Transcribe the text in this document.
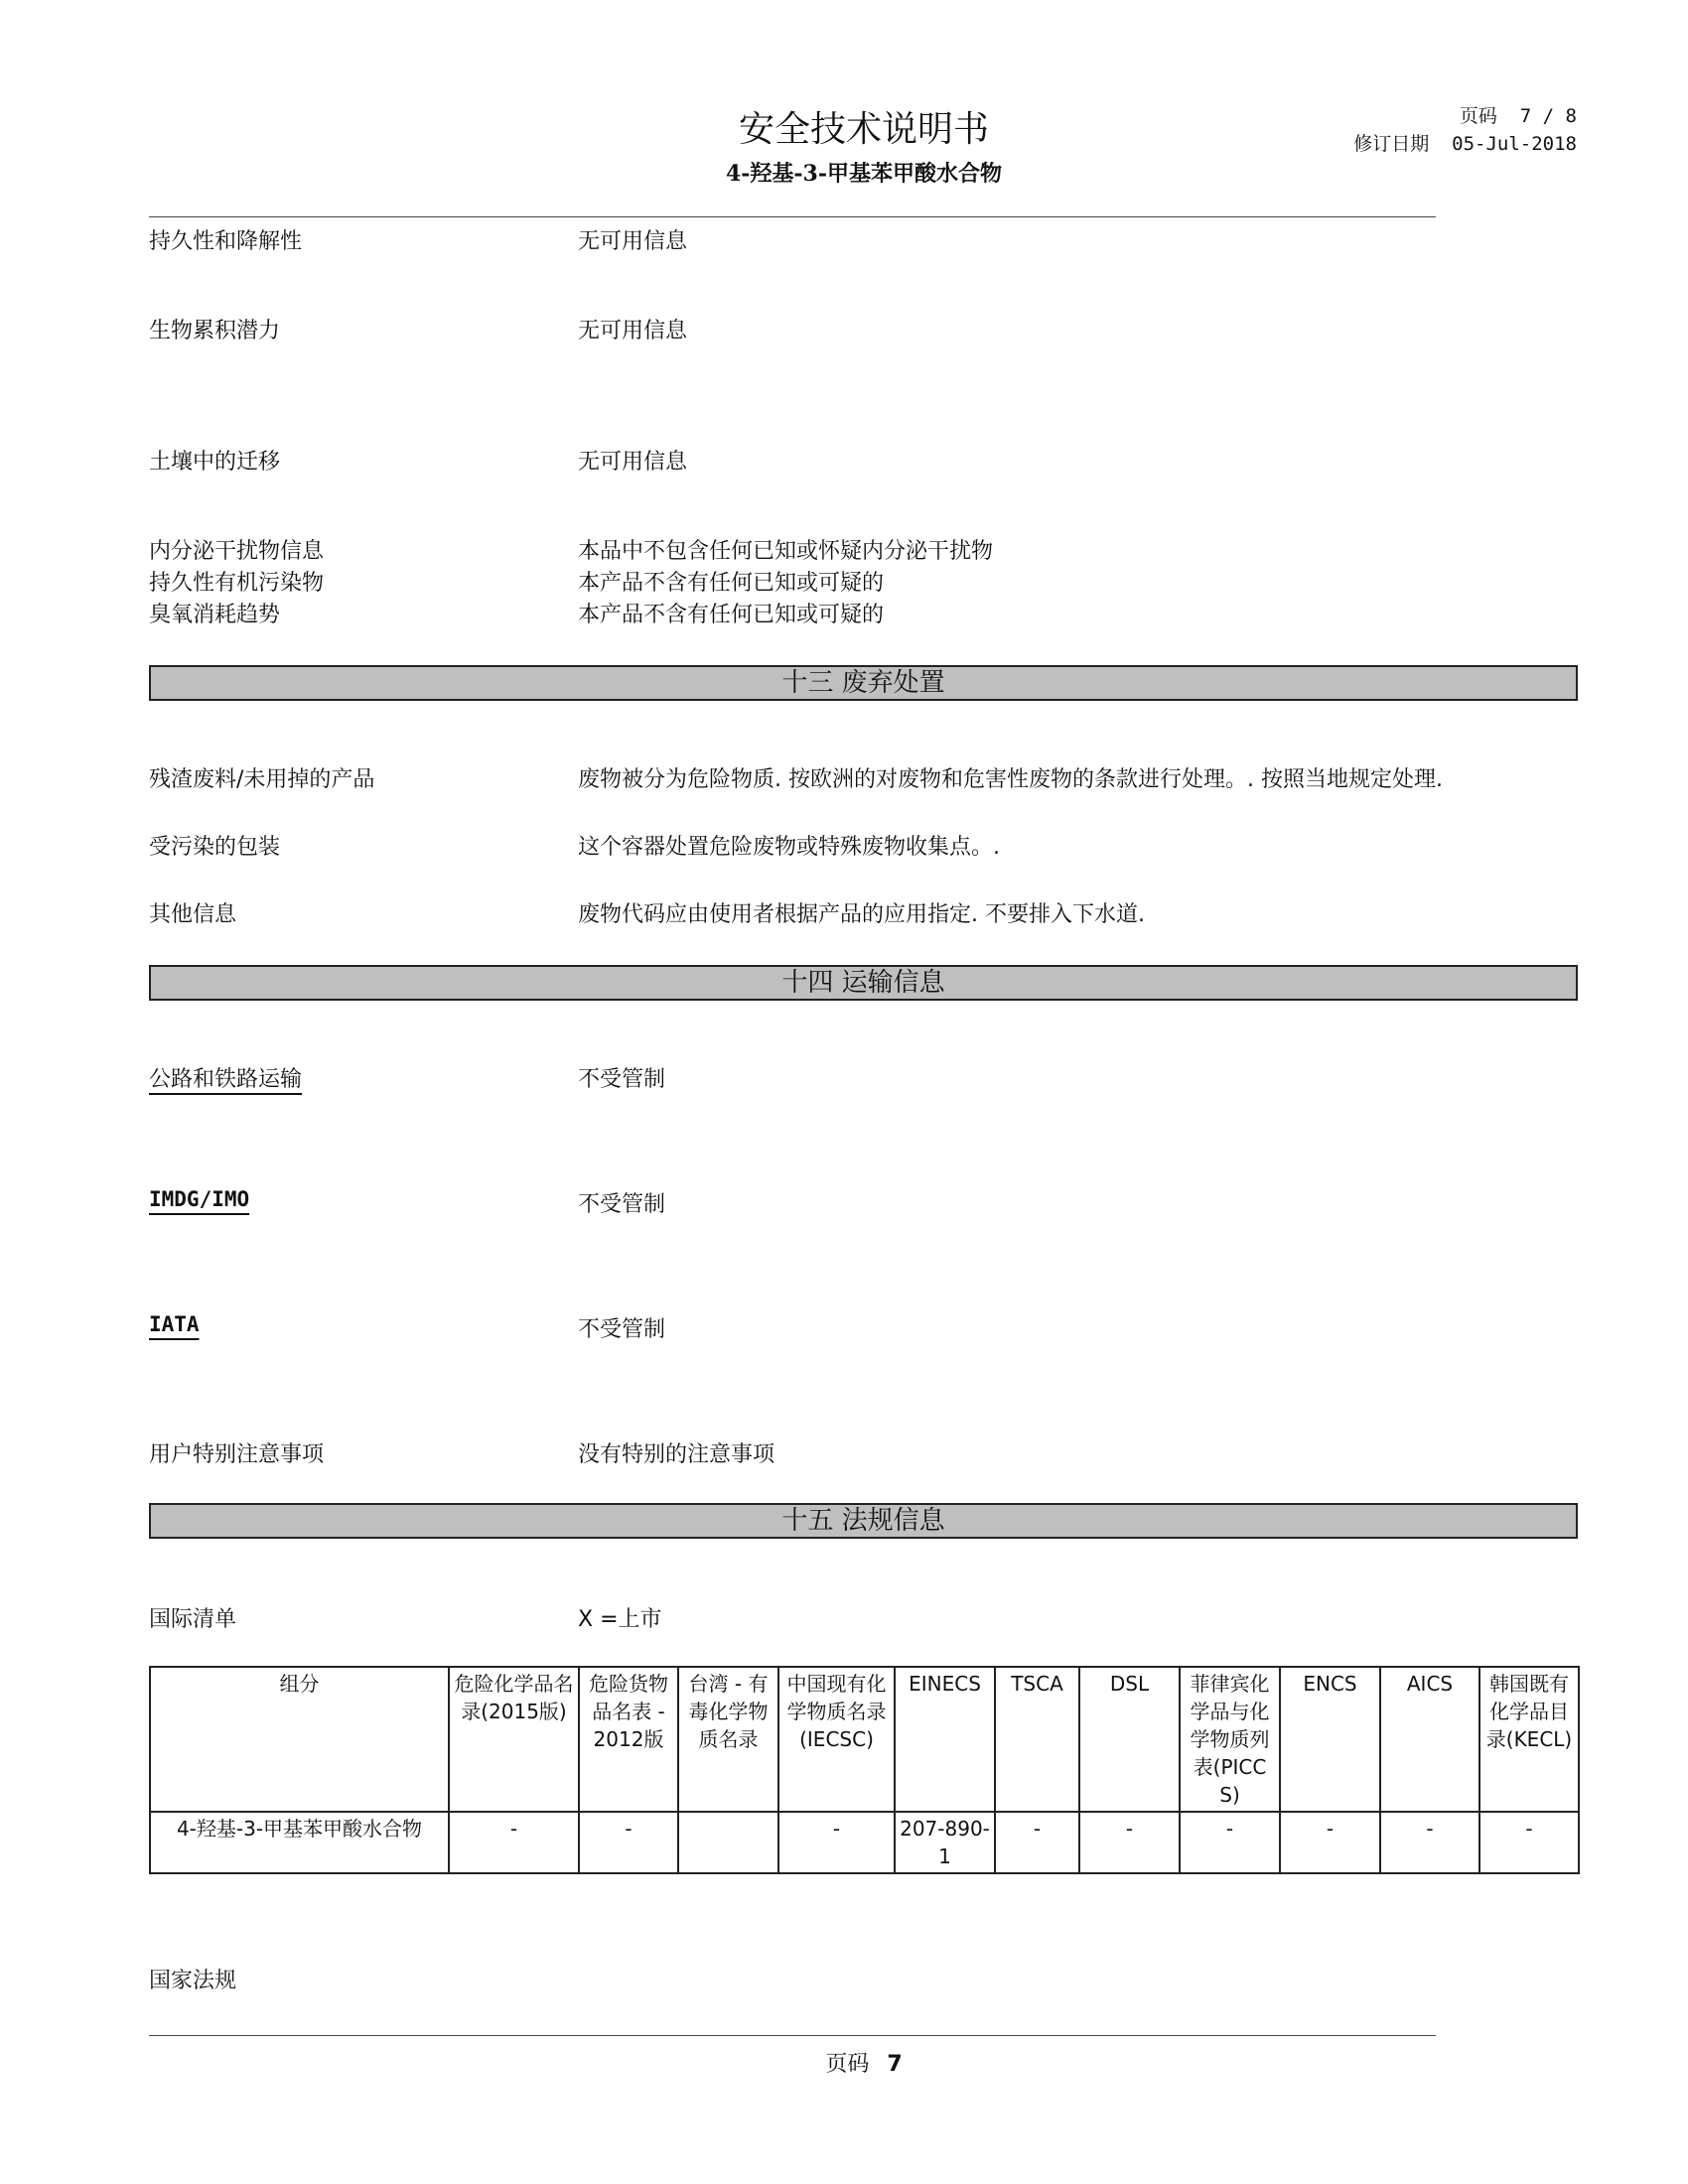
安全技术说明书
4-羟基-3-甲基苯甲酸水合物
页码  7 / 8
修订日期  05-Jul-2018
持久性和降解性	无可用信息
生物累积潜力	无可用信息
土壤中的迁移	无可用信息
内分泌干扰物信息	本品中不包含任何已知或怀疑内分泌干扰物
持久性有机污染物	本产品不含有任何已知或可疑的
臭氧消耗趋势	本产品不含有任何已知或可疑的
十三 废弃处置
残渣废料/未用掉的产品	废物被分为危险物质. 按欧洲的对废物和危害性废物的条款进行处理。. 按照当地规定处理.
受污染的包装	这个容器处置危险废物或特殊废物收集点。.
其他信息	废物代码应由使用者根据产品的应用指定. 不要排入下水道.
十四 运输信息
公路和铁路运输	不受管制
IMDG/IMO	不受管制
IATA	不受管制
用户特别注意事项	没有特别的注意事项
十五 法规信息
国际清单	X =上市
组分	危险化学品名录(2015版)	危险货物品名表 - 2012版	台湾 - 有毒化学物质名录	中国现有化学物质名录(IECSC)	EINECS	TSCA	DSL	菲律宾化学品与化学物质列表(PICCS)	ENCS	AICS	韩国既有化学品目录(KECL)
4-羟基-3-甲基苯甲酸水合物	-	-		-	207-890-1	-	-	-	-	-	-
国家法规
页码 7
